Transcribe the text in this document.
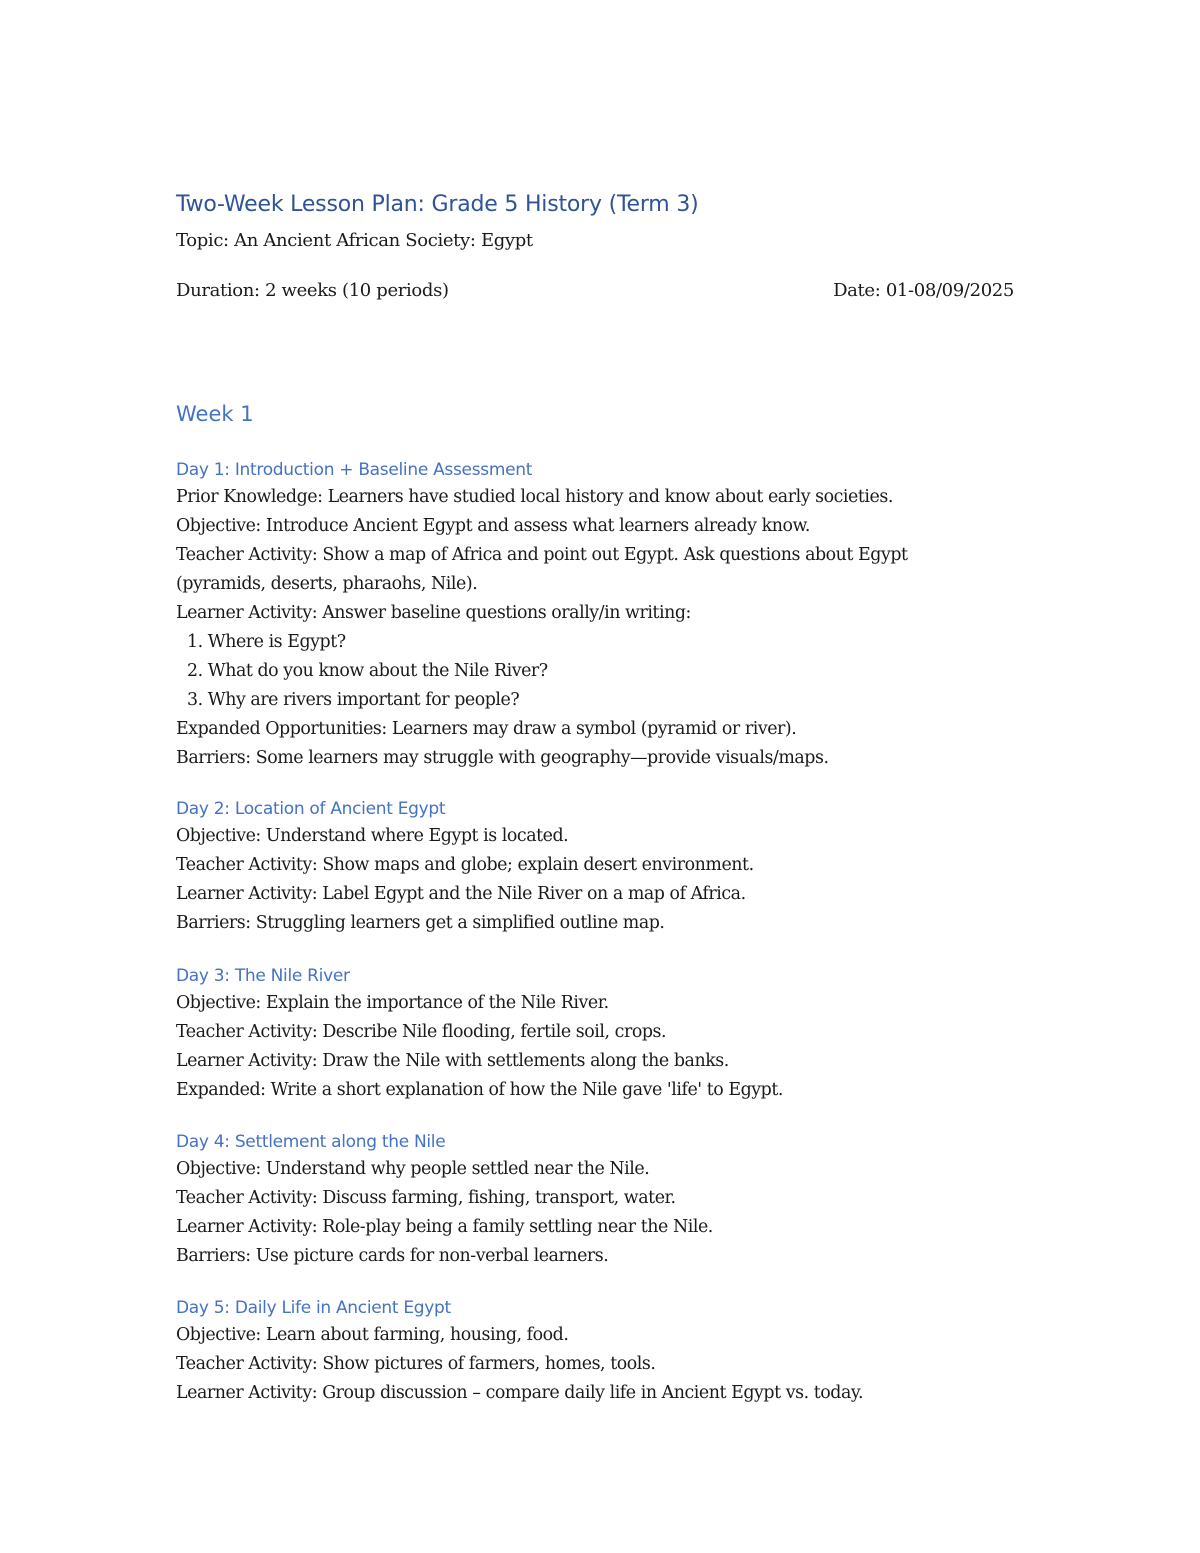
Two-Week Lesson Plan: Grade 5 History (Term 3)
Topic: An Ancient African Society: Egypt
Duration: 2 weeks (10 periods)	Date: 01-08/09/2025
Week 1
Day 1: Introduction + Baseline Assessment
Prior Knowledge: Learners have studied local history and know about early societies.
Objective: Introduce Ancient Egypt and assess what learners already know.
Teacher Activity: Show a map of Africa and point out Egypt. Ask questions about Egypt
(pyramids, deserts, pharaohs, Nile).
Learner Activity: Answer baseline questions orally/in writing:
1. Where is Egypt?
2. What do you know about the Nile River?
3. Why are rivers important for people?
Expanded Opportunities: Learners may draw a symbol (pyramid or river).
Barriers: Some learners may struggle with geography—provide visuals/maps.
Day 2: Location of Ancient Egypt
Objective: Understand where Egypt is located.
Teacher Activity: Show maps and globe; explain desert environment.
Learner Activity: Label Egypt and the Nile River on a map of Africa.
Barriers: Struggling learners get a simplified outline map.
Day 3: The Nile River
Objective: Explain the importance of the Nile River.
Teacher Activity: Describe Nile flooding, fertile soil, crops.
Learner Activity: Draw the Nile with settlements along the banks.
Expanded: Write a short explanation of how the Nile gave 'life' to Egypt.
Day 4: Settlement along the Nile
Objective: Understand why people settled near the Nile.
Teacher Activity: Discuss farming, fishing, transport, water.
Learner Activity: Role-play being a family settling near the Nile.
Barriers: Use picture cards for non-verbal learners.
Day 5: Daily Life in Ancient Egypt
Objective: Learn about farming, housing, food.
Teacher Activity: Show pictures of farmers, homes, tools.
Learner Activity: Group discussion – compare daily life in Ancient Egypt vs. today.
